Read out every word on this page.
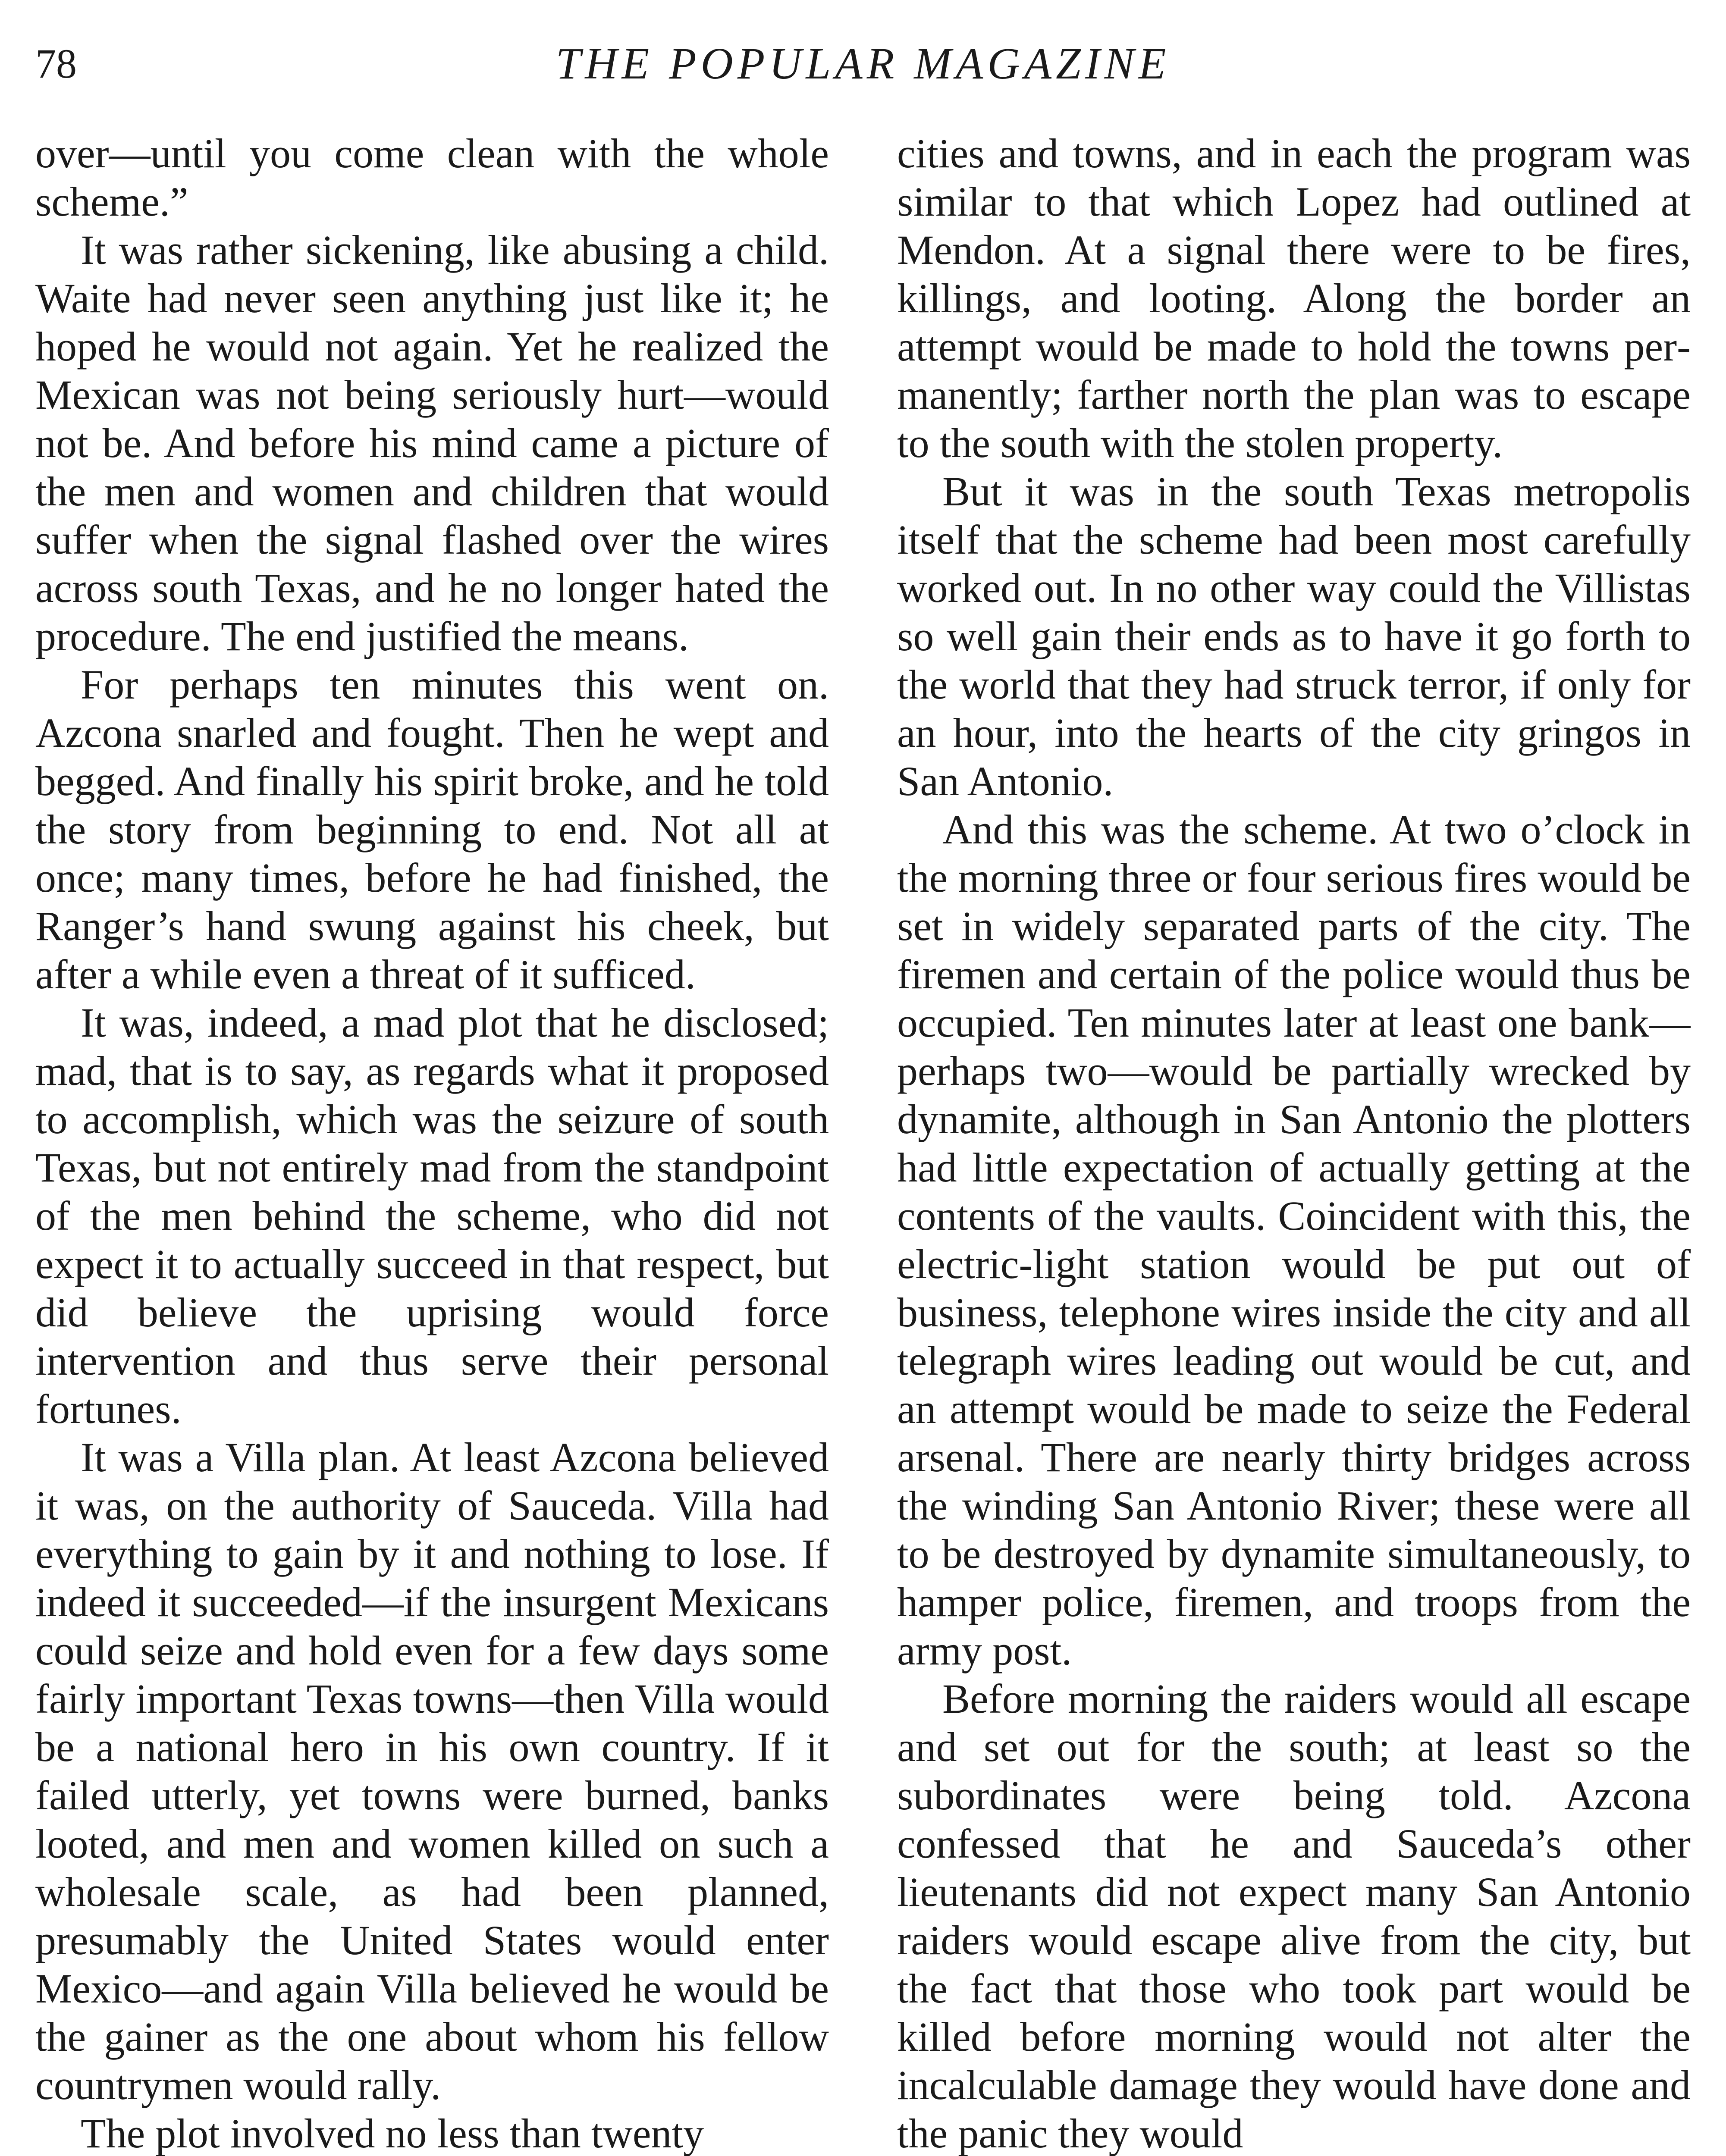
78	THE POPULAR MAGAZINE

over—until you come clean with the whole scheme.”

It was rather sickening, like abusing a child. Waite had never seen anything just like it; he hoped he would not again. Yet he realized the Mexican was not being seriously hurt—would not be. And before his mind came a picture of the men and women and children that would suffer when the signal flashed over the wires across south Texas, and he no longer hated the procedure. The end justified the means.

For perhaps ten minutes this went on. Azcona snarled and fought. Then he wept and begged. And finally his spirit broke, and he told the story from beginning to end. Not all at once; many times, before he had finished, the Ranger’s hand swung against his cheek, but after a while even a threat of it sufficed.

It was, indeed, a mad plot that he disclosed; mad, that is to say, as regards what it proposed to accomplish, which was the seizure of south Texas, but not entirely mad from the standpoint of the men behind the scheme, who did not expect it to actually succeed in that respect, but did believe the uprising would force intervention and thus serve their personal fortunes.

It was a Villa plan. At least Azcona believed it was, on the authority of Sauceda. Villa had everything to gain by it and nothing to lose. If indeed it succeeded—if the insurgent Mexicans could seize and hold even for a few days some fairly important Texas towns—then Villa would be a national hero in his own country. If it failed utterly, yet towns were burned, banks looted, and men and women killed on such a wholesale scale, as had been planned, presumably the United States would enter Mexico—and again Villa believed he would be the gainer as the one about whom his fellow countrymen would rally.

The plot involved no less than twenty

cities and towns, and in each the program was similar to that which Lopez had outlined at Mendon. At a signal there were to be fires, killings, and looting. Along the border an attempt would be made to hold the towns permanently; farther north the plan was to escape to the south with the stolen property.

But it was in the south Texas metropolis itself that the scheme had been most carefully worked out. In no other way could the Villistas so well gain their ends as to have it go forth to the world that they had struck terror, if only for an hour, into the hearts of the city gringos in San Antonio.

And this was the scheme. At two o’clock in the morning three or four serious fires would be set in widely separated parts of the city. The firemen and certain of the police would thus be occupied. Ten minutes later at least one bank—perhaps two—would be partially wrecked by dynamite, although in San Antonio the plotters had little expectation of actually getting at the contents of the vaults. Coincident with this, the electric-light station would be put out of business, telephone wires inside the city and all telegraph wires leading out would be cut, and an attempt would be made to seize the Federal arsenal. There are nearly thirty bridges across the winding San Antonio River; these were all to be destroyed by dynamite simultaneously, to hamper police, firemen, and troops from the army post.

Before morning the raiders would all escape and set out for the south; at least so the subordinates were being told. Azcona confessed that he and Sauceda’s other lieutenants did not expect many San Antonio raiders would escape alive from the city, but the fact that those who took part would be killed before morning would not alter the incalculable damage they would have done and the panic they would
